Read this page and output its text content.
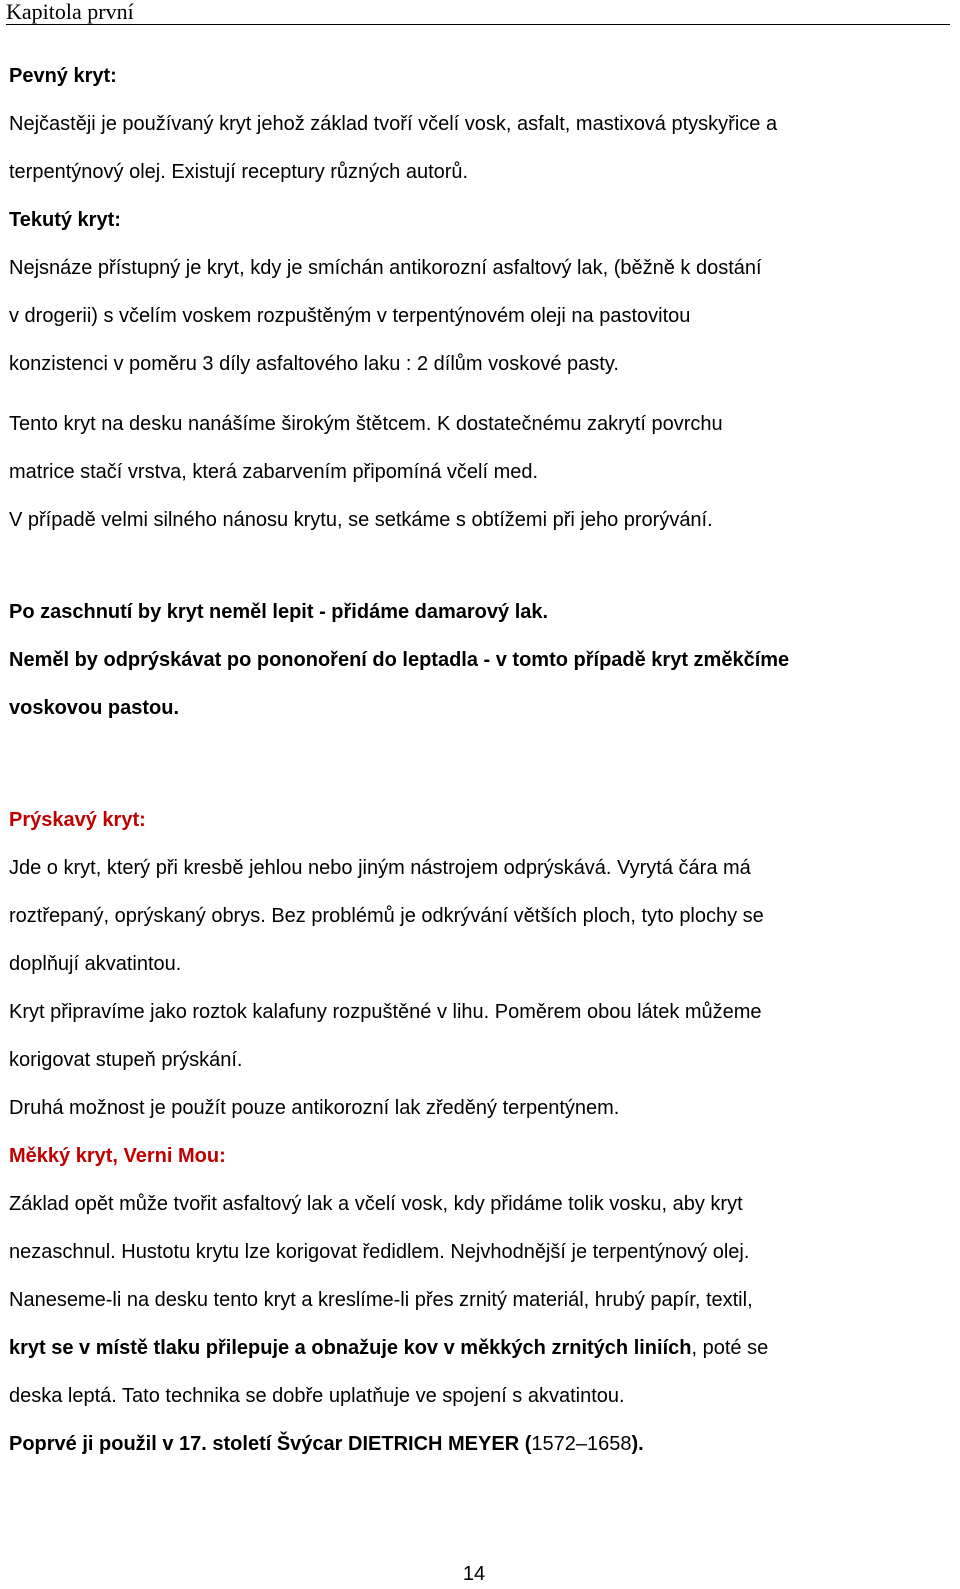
Kapitola první

Pevný kryt:

Nejčastěji je používaný kryt jehož základ tvoří včelí vosk, asfalt, mastixová ptyskyřice a

terpentýnový olej. Existují receptury různých autorů.

Tekutý kryt:

Nejsnáze přístupný je kryt, kdy je smíchán antikorozní asfaltový lak, (běžně k dostání

v drogerii) s včelím voskem rozpuštěným v terpentýnovém oleji na pastovitou

konzistenci v poměru 3 díly asfaltového laku : 2 dílům voskové pasty.

Tento kryt na desku nanášíme širokým štětcem. K dostatečnému zakrytí povrchu

matrice stačí vrstva, která zabarvením připomíná včelí med.

V případě velmi silného nánosu krytu, se setkáme s obtížemi při jeho prorývání.

Po zaschnutí by kryt neměl lepit - přidáme damarový lak.

Neměl by odprýskávat po pononoření do leptadla - v tomto případě kryt změkčíme

voskovou pastou.

Prýskavý kryt:

Jde o kryt, který při kresbě jehlou nebo jiným nástrojem odprýskává. Vyrytá čára má

roztřepaný, oprýskaný obrys. Bez problémů je odkrývání větších ploch, tyto plochy se

doplňují akvatintou.

Kryt připravíme jako roztok kalafuny rozpuštěné v lihu. Poměrem obou látek můžeme

korigovat stupeň prýskání.

Druhá možnost je použít pouze antikorozní lak zředěný terpentýnem.

Měkký kryt, Verni Mou:

Základ opět může tvořit asfaltový lak a včelí vosk, kdy přidáme tolik vosku, aby kryt

nezaschnul. Hustotu krytu lze korigovat ředidlem. Nejvhodnější je terpentýnový olej.

Naneseme-li na desku tento kryt a kreslíme-li přes zrnitý materiál, hrubý papír, textil,

kryt se v místě tlaku přilepuje a obnažuje kov v měkkých zrnitých liniích, poté se

deska leptá. Tato technika se dobře uplatňuje ve spojení s akvatintou.

Poprvé ji použil v 17. století Švýcar DIETRICH MEYER (1572–1658).

14
